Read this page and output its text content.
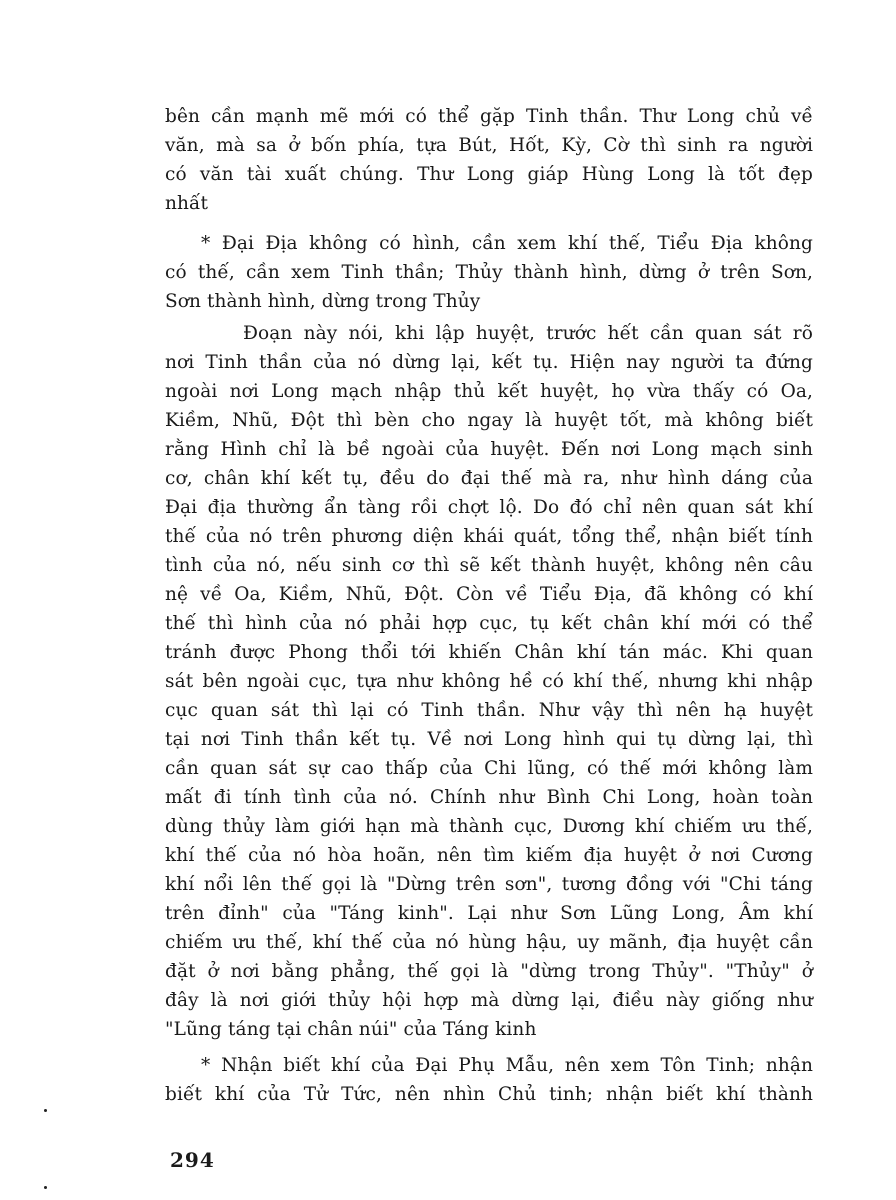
bên cần mạnh mẽ mới có thể gặp Tinh thần. Thư Long chủ về
văn, mà sa ở bốn phía, tựa Bút, Hốt, Kỳ, Cờ thì sinh ra người
có văn tài xuất chúng. Thư Long giáp Hùng Long là tốt đẹp
nhất
* Đại Địa không có hình, cần xem khí thế, Tiểu Địa không
có thế, cần xem Tinh thần; Thủy thành hình, dừng ở trên Sơn,
Sơn thành hình, dừng trong Thủy
Đoạn này nói, khi lập huyệt, trước hết cần quan sát rõ
nơi Tinh thần của nó dừng lại, kết tụ. Hiện nay người ta đứng
ngoài nơi Long mạch nhập thủ kết huyệt, họ vừa thấy có Oa,
Kiềm, Nhũ, Đột thì bèn cho ngay là huyệt tốt, mà không biết
rằng Hình chỉ là bề ngoài của huyệt. Đến nơi Long mạch sinh
cơ, chân khí kết tụ, đều do đại thế mà ra, như hình dáng của
Đại địa thường ẩn tàng rồi chợt lộ. Do đó chỉ nên quan sát khí
thế của nó trên phương diện khái quát, tổng thể, nhận biết tính
tình của nó, nếu sinh cơ thì sẽ kết thành huyệt, không nên câu
nệ về Oa, Kiềm, Nhũ, Đột. Còn về Tiểu Địa, đã không có khí
thế thì hình của nó phải hợp cục, tụ kết chân khí mới có thể
tránh được Phong thổi tới khiến Chân khí tán mác. Khi quan
sát bên ngoài cục, tựa như không hề có khí thế, nhưng khi nhập
cục quan sát thì lại có Tinh thần. Như vậy thì nên hạ huyệt
tại nơi Tinh thần kết tụ. Về nơi Long hình qui tụ dừng lại, thì
cần quan sát sự cao thấp của Chi lũng, có thế mới không làm
mất đi tính tình của nó. Chính như Bình Chi Long, hoàn toàn
dùng thủy làm giới hạn mà thành cục, Dương khí chiếm ưu thế,
khí thế của nó hòa hoãn, nên tìm kiếm địa huyệt ở nơi Cương
khí nổi lên thế gọi là "Dừng trên sơn", tương đồng với "Chi táng
trên đỉnh" của "Táng kinh". Lại như Sơn Lũng Long, Âm khí
chiếm ưu thế, khí thế của nó hùng hậu, uy mãnh, địa huyệt cần
đặt ở nơi bằng phẳng, thế gọi là "dừng trong Thủy". "Thủy" ở
đây là nơi giới thủy hội hợp mà dừng lại, điều này giống như
"Lũng táng tại chân núi" của Táng kinh
* Nhận biết khí của Đại Phụ Mẫu, nên xem Tôn Tinh; nhận
biết khí của Tử Tức, nên nhìn Chủ tinh; nhận biết khí thành
294
